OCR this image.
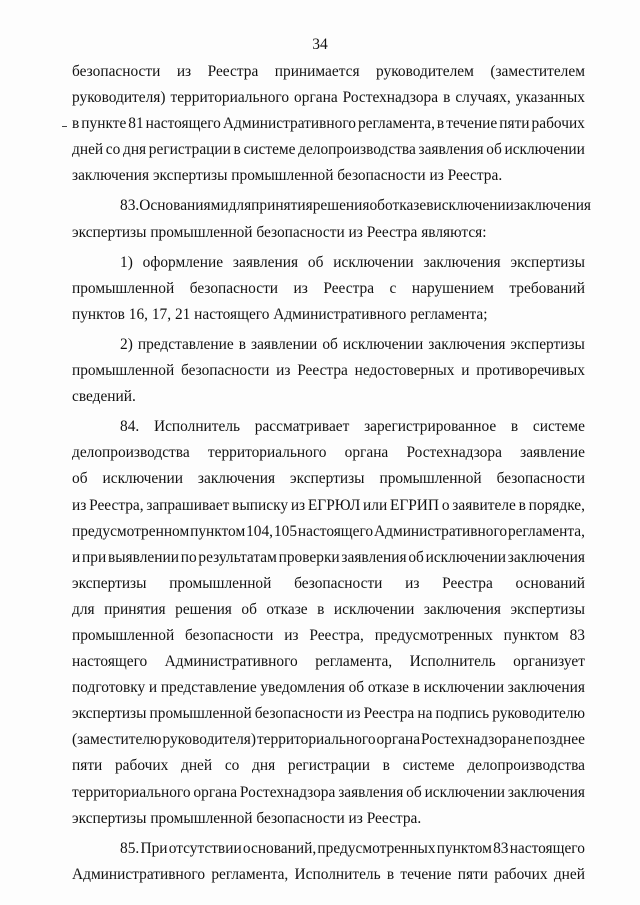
34
безопасности из Реестра принимается руководителем (заместителем
руководителя) территориального органа Ростехнадзора в случаях, указанных
в пункте 81 настоящего Административного регламента, в течение пяти рабочих
дней со дня регистрации в системе делопроизводства заявления об исключении
заключения экспертизы промышленной безопасности из Реестра.
83. Основаниями для принятия решения об отказе в исключении заключения
экспертизы промышленной безопасности из Реестра являются:
1) оформление заявления об исключении заключения экспертизы
промышленной безопасности из Реестра с нарушением требований
пунктов 16, 17, 21 настоящего Административного регламента;
2) представление в заявлении об исключении заключения экспертизы
промышленной безопасности из Реестра недостоверных и противоречивых
сведений.
84. Исполнитель рассматривает зарегистрированное в системе
делопроизводства территориального органа Ростехнадзора заявление
об исключении заключения экспертизы промышленной безопасности
из Реестра, запрашивает выписку из ЕГРЮЛ или ЕГРИП о заявителе в порядке,
предусмотренном пунктом 104, 105 настоящего Административного регламента,
и при выявлении по результатам проверки заявления об исключении заключения
экспертизы промышленной безопасности из Реестра оснований
для принятия решения об отказе в исключении заключения экспертизы
промышленной безопасности из Реестра, предусмотренных пунктом 83
настоящего Административного регламента, Исполнитель организует
подготовку и представление уведомления об отказе в исключении заключения
экспертизы промышленной безопасности из Реестра на подпись руководителю
(заместителю руководителя) территориального органа Ростехнадзора не позднее
пяти рабочих дней со дня регистрации в системе делопроизводства
территориального органа Ростехнадзора заявления об исключении заключения
экспертизы промышленной безопасности из Реестра.
85. При отсутствии оснований, предусмотренных пунктом 83 настоящего
Административного регламента, Исполнитель в течение пяти рабочих дней
